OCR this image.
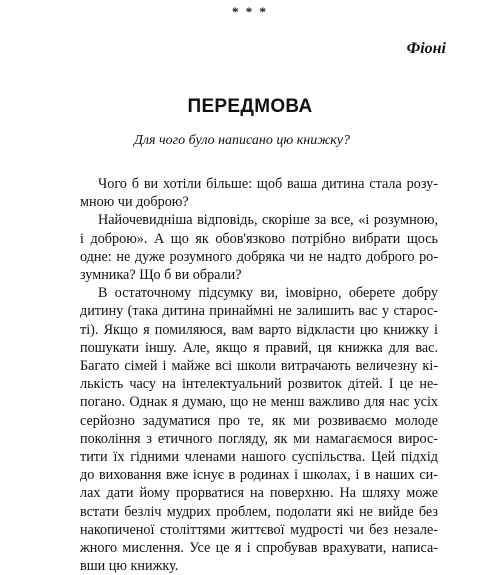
* * *
Фіоні
ПЕРЕДМОВА
Для чого було написано цю книжку?
Чого б ви хотіли більше: щоб ваша дитина стала розу-
мною чи доброю?
Найочевидніша відповідь, скоріше за все, «і розумною,
і доброю». А що як обов'язково потрібно вибрати щось
одне: не дуже розумного добряка чи не надто доброго ро-
зумника? Що б ви обрали?
В остаточному підсумку ви, імовірно, оберете добру
дитину (така дитина принаймні не залишить вас у старос-
ті). Якщо я помиляюся, вам варто відкласти цю книжку і
пошукати іншу. Але, якщо я правий, ця книжка для вас.
Багато сімей і майже всі школи витрачають величезну кі-
лькість часу на інтелектуальний розвиток дітей. І це не-
погано. Однак я думаю, що не менш важливо для нас усіх
серйозно задуматися про те, як ми розвиваємо молоде
покоління з етичного погляду, як ми намагаємося вирос-
тити їх гідними членами нашого суспільства. Цей підхід
до виховання вже існує в родинах і школах, і в наших си-
лах дати йому прорватися на поверхню. На шляху може
встати безліч мудрих проблем, подолати які не вийде без
накопиченої століттями життєвої мудрості чи без незале-
жного мислення. Усе це я і спробував врахувати, написа-
вши цю книжку.
